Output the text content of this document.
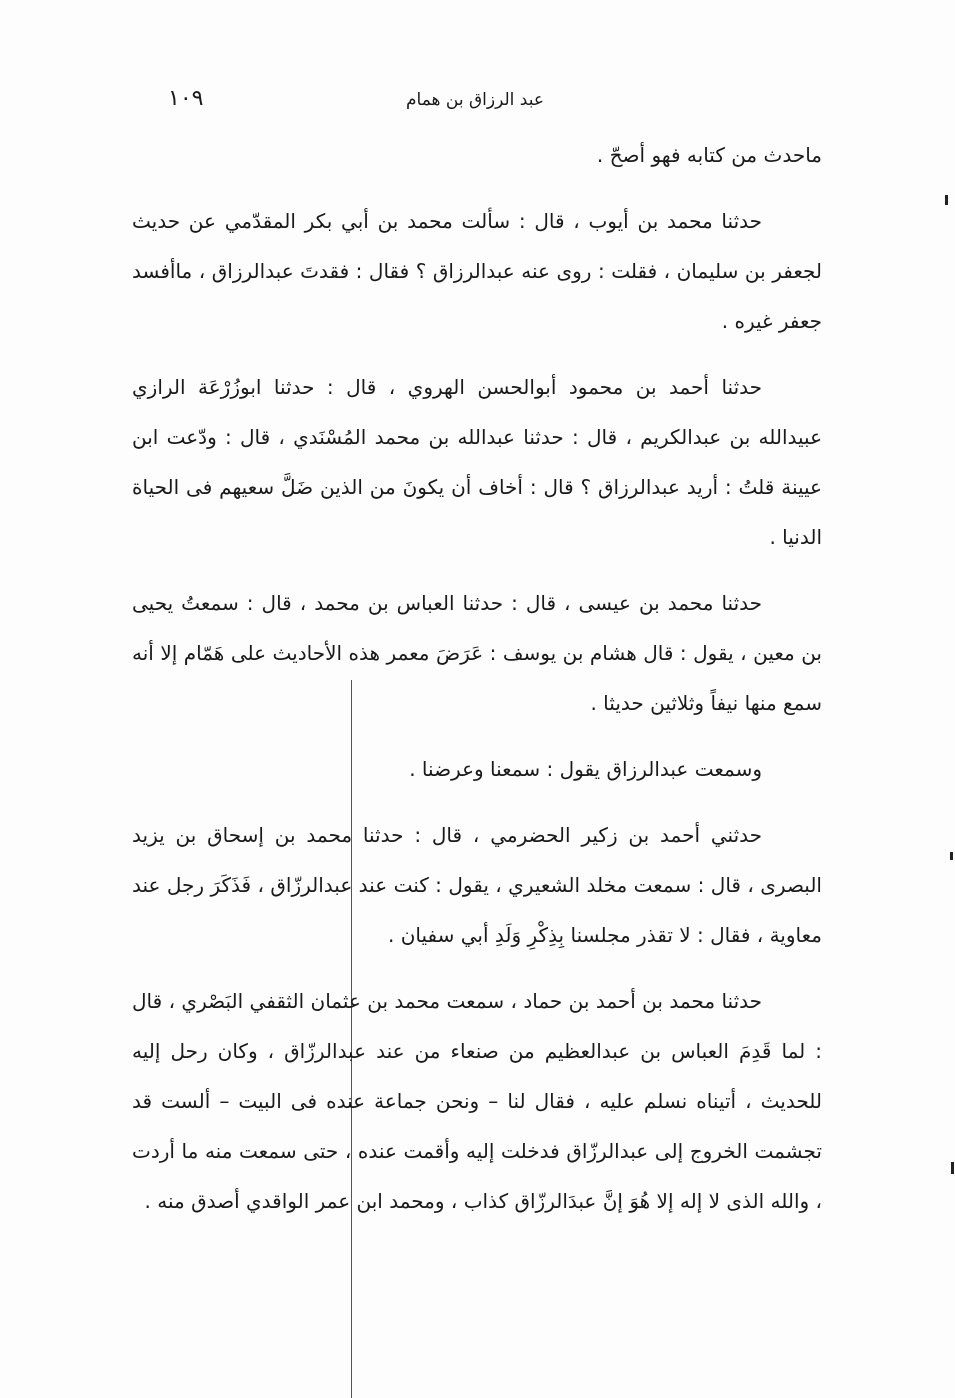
١٠٩	عبد الرزاق بن همام

ماحدث من كتابه فهو أصحّ .

حدثنا محمد بن أيوب ، قال : سألت محمد بن أبي بكر المقدّمي عن حديث لجعفر بن سليمان ، فقلت : روى عنه عبدالرزاق ؟ فقال : فقدتَ عبدالرزاق ، ماأفسد جعفر غيره .

حدثنا أحمد بن محمود أبوالحسن الهروي ، قال : حدثنا ابوزُرْعَة الرازي عبيدالله بن عبدالكريم ، قال : حدثنا عبدالله بن محمد المُسْنَدي ، قال : ودّعت ابن عيينة قلتُ : أريد عبدالرزاق ؟ قال : أخاف أن يكونَ من الذين ضَلَّ سعيهم فى الحياة الدنيا .

حدثنا محمد بن عيسى ، قال : حدثنا العباس بن محمد ، قال : سمعتُ يحيى بن معين ، يقول : قال هشام بن يوسف : عَرَضَ معمر هذه الأحاديث على هَمّام إلا أنه سمع منها نيفاً وثلاثين حديثا .

وسمعت عبدالرزاق يقول : سمعنا وعرضنا .

حدثني أحمد بن زكير الحضرمي ، قال : حدثنا محمد بن إسحاق بن يزيد البصرى ، قال : سمعت مخلد الشعيري ، يقول : كنت عند عبدالرزّاق ، فَذَكَرَ رجل عند معاوية ، فقال : لا تقذر مجلسنا بِذِكْرِ وَلَدِ أبي سفيان .

حدثنا محمد بن أحمد بن حماد ، سمعت محمد بن عثمان الثقفي البَصْري ، قال : لما قَدِمَ العباس بن عبدالعظيم من صنعاء من عند عبدالرزّاق ، وكان رحل إليه للحديث ، أتيناه نسلم عليه ، فقال لنا – ونحن جماعة عنده فى البيت – ألست قد تجشمت الخروج إلى عبدالرزّاق فدخلت إليه وأقمت عنده ، حتى سمعت منه ما أردت ، والله الذى لا إله إلا هُوَ إنَّ عبدَالرزّاق كذاب ، ومحمد ابن عمر الواقدي أصدق منه .
